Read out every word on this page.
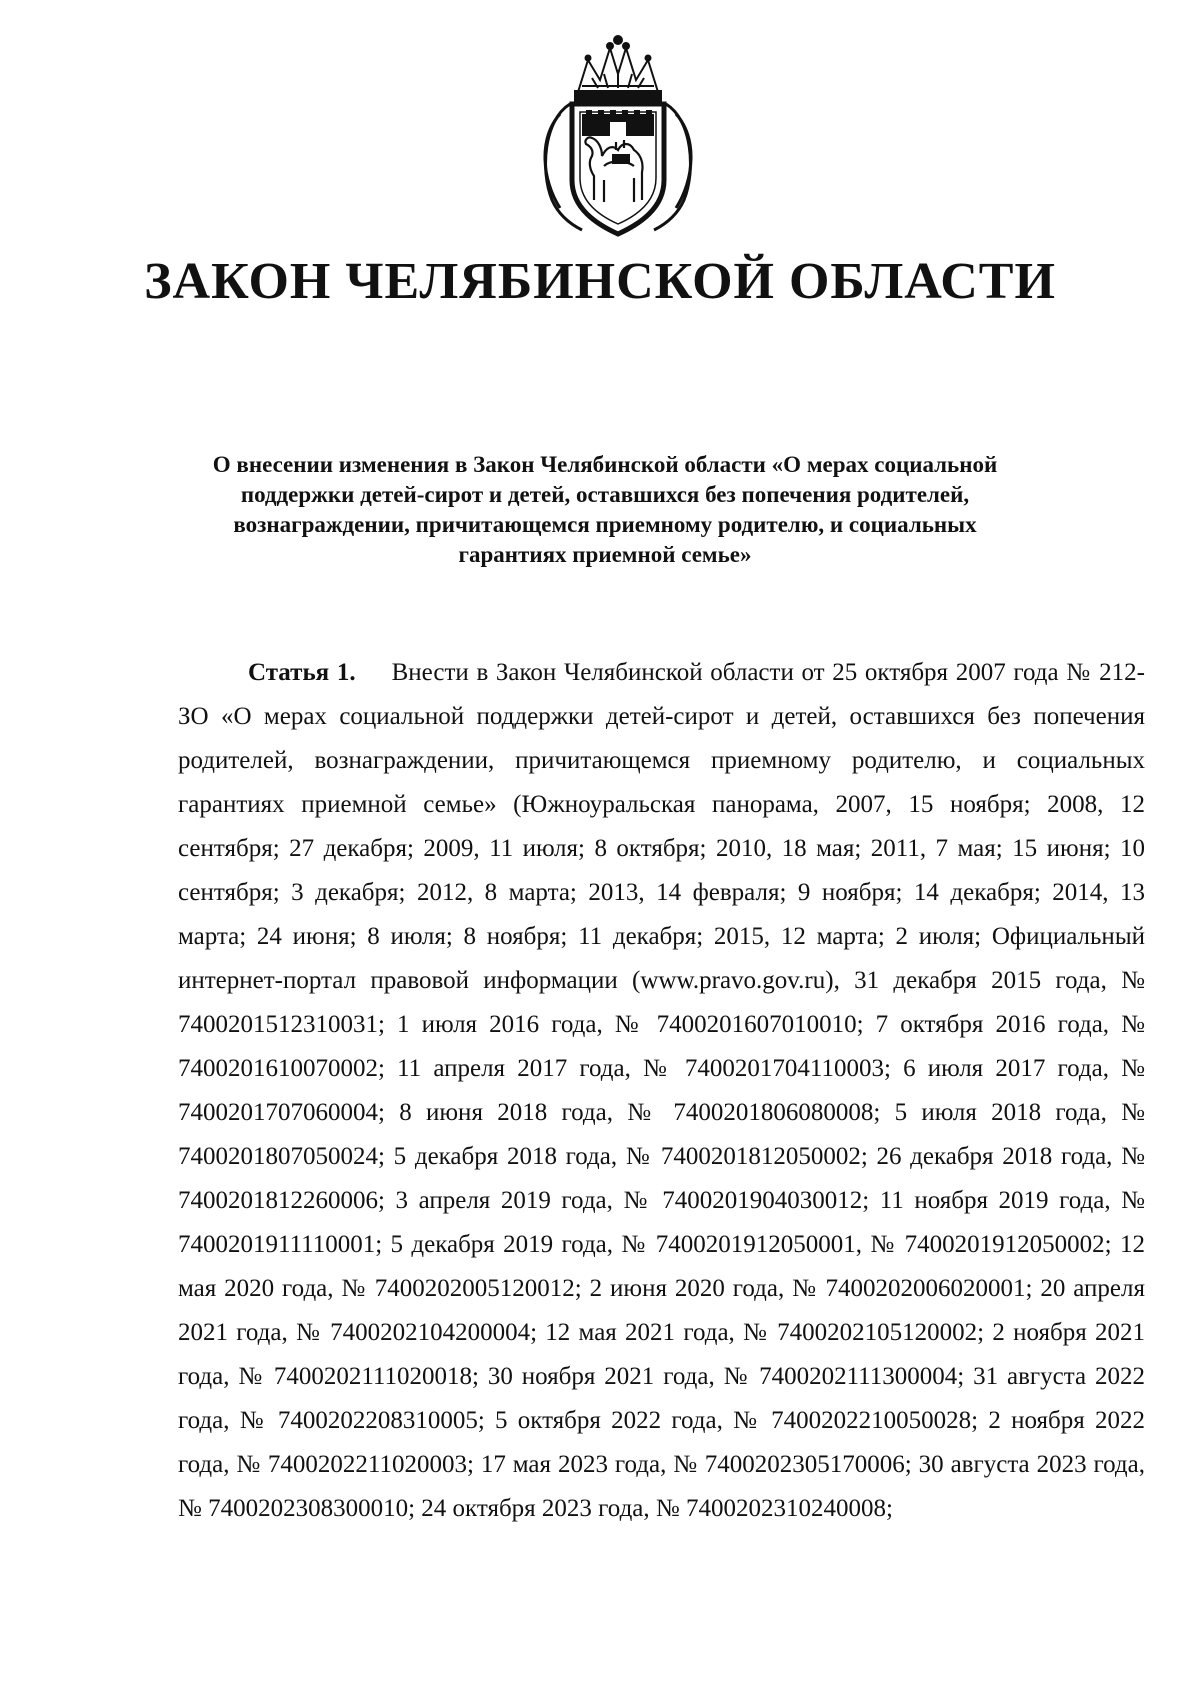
ЗАКОН ЧЕЛЯБИНСКОЙ ОБЛАСТИ
О внесении изменения в Закон Челябинской области «О мерах социальной поддержки детей-сирот и детей, оставшихся без попечения родителей, вознаграждении, причитающемся приемному родителю, и социальных гарантиях приемной семье»
Статья 1. Внести в Закон Челябинской области от 25 октября 2007 года № 212-ЗО «О мерах социальной поддержки детей-сирот и детей, оставшихся без попечения родителей, вознаграждении, причитающемся приемному родителю, и социальных гарантиях приемной семье» (Южноуральская панорама, 2007, 15 ноября; 2008, 12 сентября; 27 декабря; 2009, 11 июля; 8 октября; 2010, 18 мая; 2011, 7 мая; 15 июня; 10 сентября; 3 декабря; 2012, 8 марта; 2013, 14 февраля; 9 ноября; 14 декабря; 2014, 13 марта; 24 июня; 8 июля; 8 ноября; 11 декабря; 2015, 12 марта; 2 июля; Официальный интернет-портал правовой информации (www.pravo.gov.ru), 31 декабря 2015 года, № 7400201512310031; 1 июля 2016 года, № 7400201607010010; 7 октября 2016 года, № 7400201610070002; 11 апреля 2017 года, № 7400201704110003; 6 июля 2017 года, № 7400201707060004; 8 июня 2018 года, № 7400201806080008; 5 июля 2018 года, № 7400201807050024; 5 декабря 2018 года, № 7400201812050002; 26 декабря 2018 года, № 7400201812260006; 3 апреля 2019 года, № 7400201904030012; 11 ноября 2019 года, № 7400201911110001; 5 декабря 2019 года, № 7400201912050001, № 7400201912050002; 12 мая 2020 года, № 7400202005120012; 2 июня 2020 года, № 7400202006020001; 20 апреля 2021 года, № 7400202104200004; 12 мая 2021 года, № 7400202105120002; 2 ноября 2021 года, № 7400202111020018; 30 ноября 2021 года, № 7400202111300004; 31 августа 2022 года, № 7400202208310005; 5 октября 2022 года, № 7400202210050028; 2 ноября 2022 года, № 7400202211020003; 17 мая 2023 года, № 7400202305170006; 30 августа 2023 года, № 7400202308300010; 24 октября 2023 года, № 7400202310240008;
